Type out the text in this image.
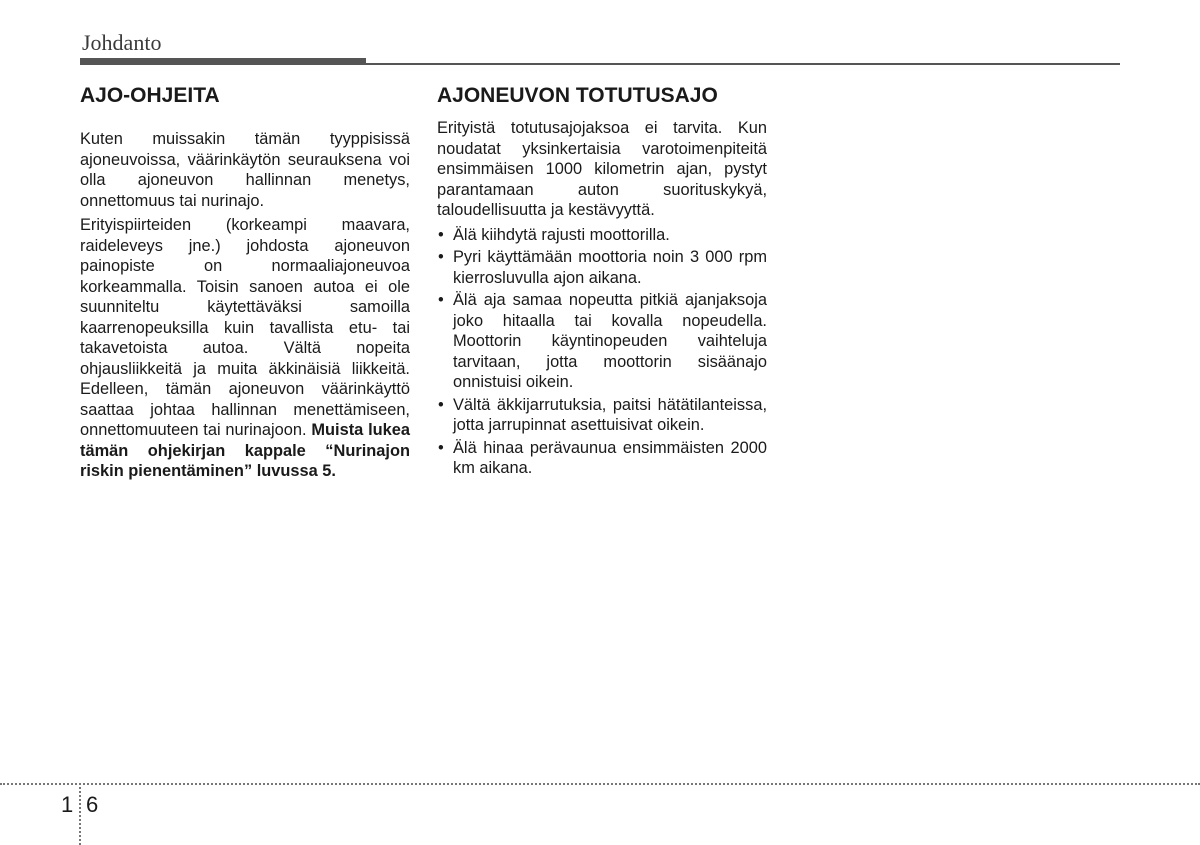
Johdanto
AJO-OHJEITA

Kuten muissakin tämän tyyppisissä ajoneuvoissa, väärinkäytön seurauksena voi olla ajoneuvon hallinnan menetys, onnettomuus tai nurinajo.

Erityispiirteiden (korkeampi maavara, raideleveys jne.) johdosta ajoneuvon painopiste on normaaliajoneuvoa korkeammalla. Toisin sanoen autoa ei ole suunniteltu käytettäväksi samoilla kaarrenopeuksilla kuin tavallista etu- tai takavetoista autoa. Vältä nopeita ohjausliikkeitä ja muita äkkinäisiä liikkeitä. Edelleen, tämän ajoneuvon väärinkäyttö saattaa johtaa hallinnan menettämiseen, onnettomuuteen tai nurinajoon. Muista lukea tämän ohjekirjan kappale “Nurinajon riskin pienentäminen” luvussa 5.

AJONEUVON TOTUTUSAJO

Erityistä totutusajojaksoa ei tarvita. Kun noudatat yksinkertaisia varotoimenpiteitä ensimmäisen 1000 kilometrin ajan, pystyt parantamaan auton suorituskykyä, taloudellisuutta ja kestävyyttä.

• Älä kiihdytä rajusti moottorilla.
• Pyri käyttämään moottoria noin 3 000 rpm kierrosluvulla ajon aikana.
• Älä aja samaa nopeutta pitkiä ajanjaksoja joko hitaalla tai kovalla nopeudella. Moottorin käyntinopeuden vaihteluja tarvitaan, jotta moottorin sisäänajo onnistuisi oikein.
• Vältä äkkijarrutuksia, paitsi hätätilanteissa, jotta jarrupinnat asettuisivat oikein.
• Älä hinaa perävaunua ensimmäisten 2000 km aikana.
1 6
